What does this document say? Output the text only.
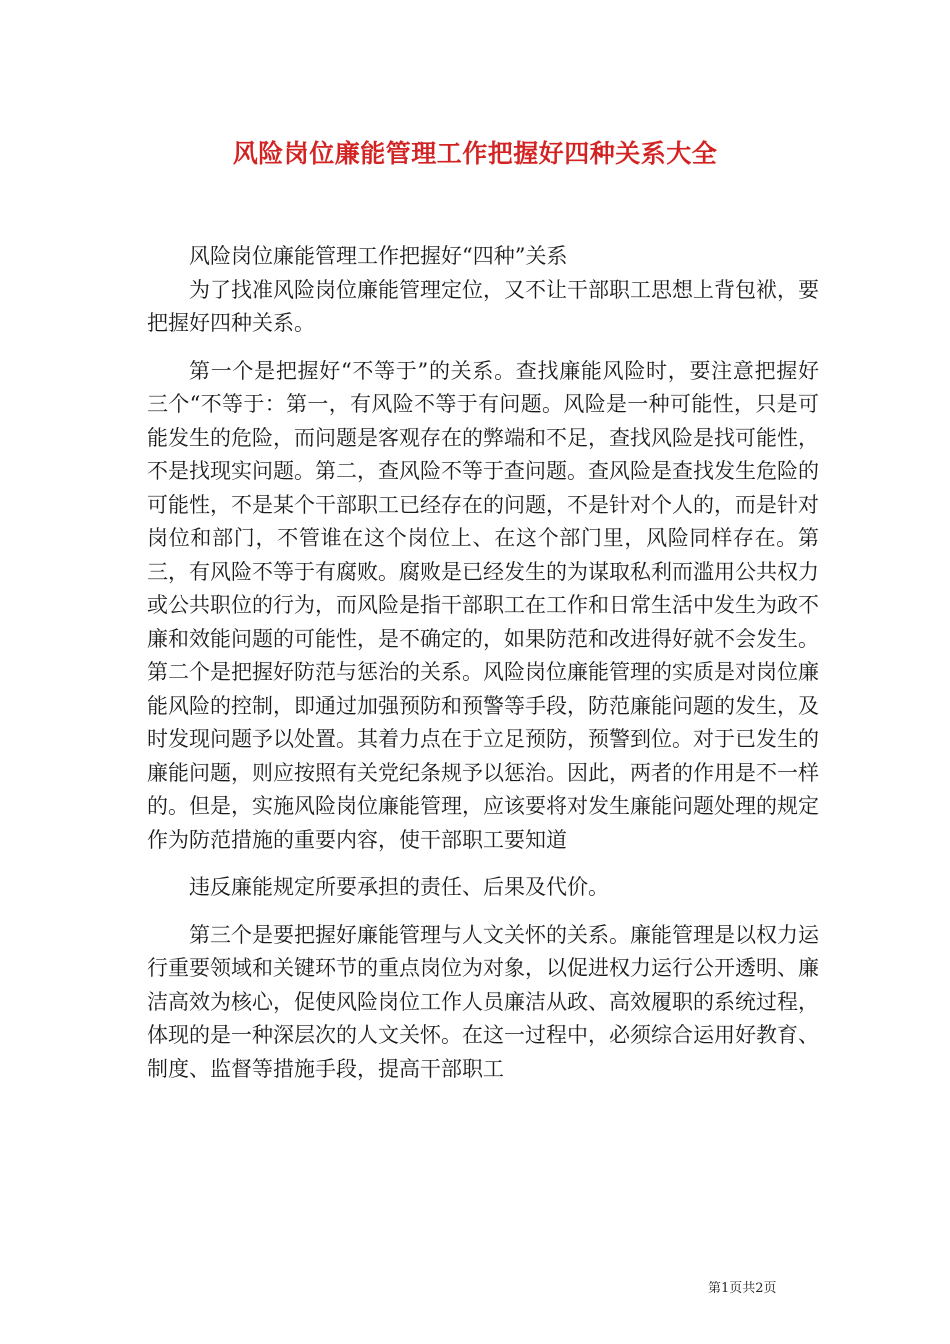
风险岗位廉能管理工作把握好四种关系大全

风险岗位廉能管理工作把握好“四种”关系

为了找准风险岗位廉能管理定位，又不让干部职工思想上背包袱，要把握好四种关系。

第一个是把握好“不等于”的关系。查找廉能风险时，要注意把握好三个“不等于：第一，有风险不等于有问题。风险是一种可能性，只是可能发生的危险，而问题是客观存在的弊端和不足，查找风险是找可能性，不是找现实问题。第二，查风险不等于查问题。查风险是查找发生危险的可能性，不是某个干部职工已经存在的问题，不是针对个人的，而是针对岗位和部门，不管谁在这个岗位上、在这个部门里，风险同样存在。第三，有风险不等于有腐败。腐败是已经发生的为谋取私利而滥用公共权力或公共职位的行为，而风险是指干部职工在工作和日常生活中发生为政不廉和效能问题的可能性，是不确定的，如果防范和改进得好就不会发生。第二个是把握好防范与惩治的关系。风险岗位廉能管理的实质是对岗位廉能风险的控制，即通过加强预防和预警等手段，防范廉能问题的发生，及时发现问题予以处置。其着力点在于立足预防，预警到位。对于已发生的廉能问题，则应按照有关党纪条规予以惩治。因此，两者的作用是不一样的。但是，实施风险岗位廉能管理，应该要将对发生廉能问题处理的规定作为防范措施的重要内容，使干部职工要知道

违反廉能规定所要承担的责任、后果及代价。

第三个是要把握好廉能管理与人文关怀的关系。廉能管理是以权力运行重要领域和关键环节的重点岗位为对象，以促进权力运行公开透明、廉洁高效为核心，促使风险岗位工作人员廉洁从政、高效履职的系统过程，体现的是一种深层次的人文关怀。在这一过程中，必须综合运用好教育、制度、监督等措施手段，提高干部职工

第1页共2页
